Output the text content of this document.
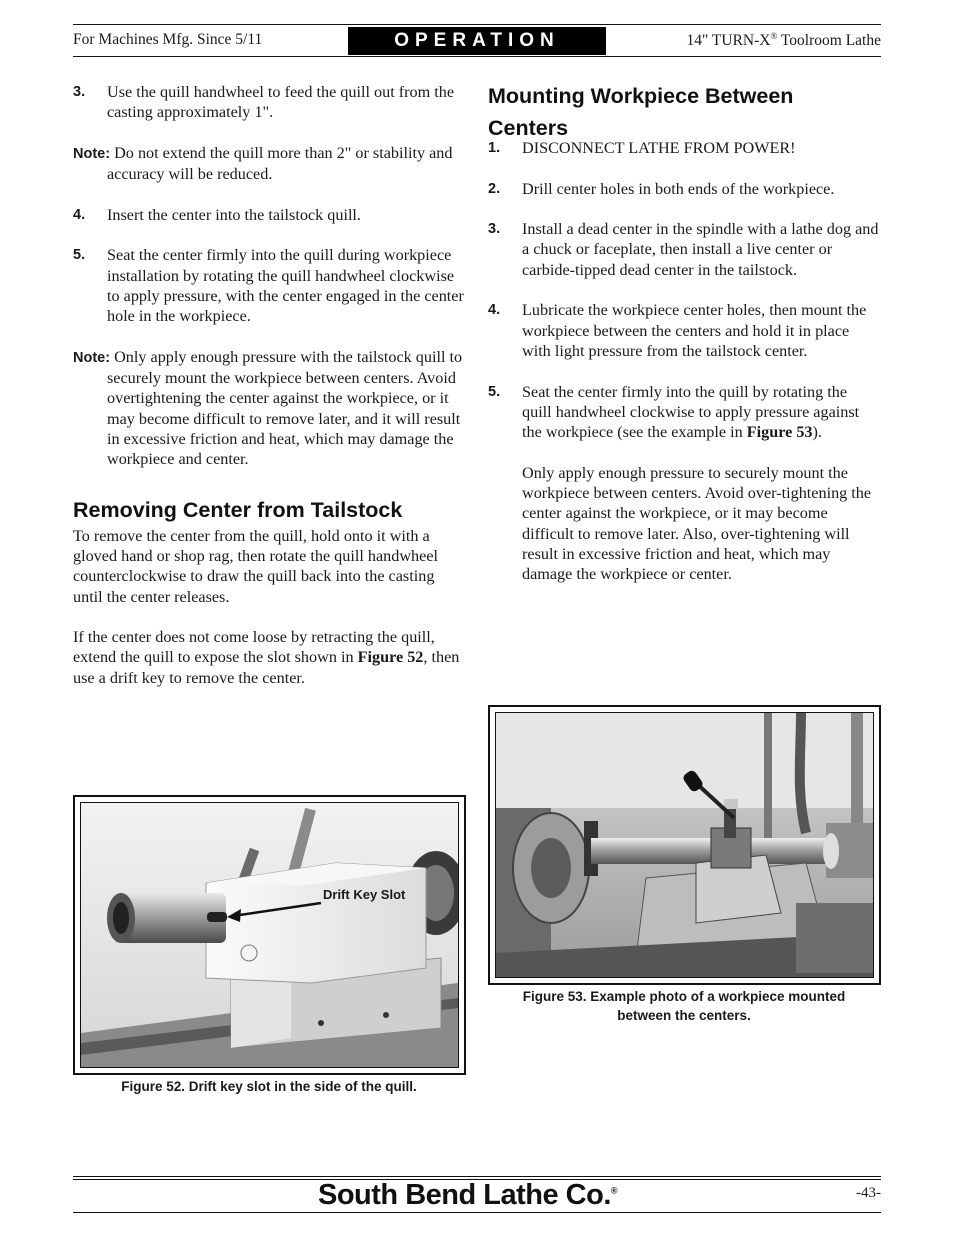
For Machines Mfg. Since 5/11	OPERATION	14" TURN-X® Toolroom Lathe
3. Use the quill handwheel to feed the quill out from the casting approximately 1".
Note: Do not extend the quill more than 2" or stability and accuracy will be reduced.
4. Insert the center into the tailstock quill.
5. Seat the center firmly into the quill during workpiece installation by rotating the quill handwheel clockwise to apply pressure, with the center engaged in the center hole in the workpiece.
Note: Only apply enough pressure with the tailstock quill to securely mount the workpiece between centers. Avoid overtightening the center against the workpiece, or it may become difficult to remove later, and it will result in excessive friction and heat, which may damage the workpiece and center.
Removing Center from Tailstock

To remove the center from the quill, hold onto it with a gloved hand or shop rag, then rotate the quill handwheel counterclockwise to draw the quill back into the casting until the center releases.

If the center does not come loose by retracting the quill, extend the quill to expose the slot shown in Figure 52, then use a drift key to remove the center.

Drift Key Slot
Figure 52. Drift key slot in the side of the quill.
Mounting Workpiece Between Centers
1. DISCONNECT LATHE FROM POWER!
2. Drill center holes in both ends of the workpiece.
3. Install a dead center in the spindle with a lathe dog and a chuck or faceplate, then install a live center or carbide-tipped dead center in the tailstock.
4. Lubricate the workpiece center holes, then mount the workpiece between the centers and hold it in place with light pressure from the tailstock center.
5. Seat the center firmly into the quill by rotating the quill handwheel clockwise to apply pressure against the workpiece (see the example in Figure 53).
Only apply enough pressure to securely mount the workpiece between centers. Avoid over-tightening the center against the workpiece, or it may become difficult to remove later. Also, over-tightening will result in excessive friction and heat, which may damage the workpiece or center.
Figure 53. Example photo of a workpiece mounted
between the centers.
South Bend Lathe Co.®	-43-
